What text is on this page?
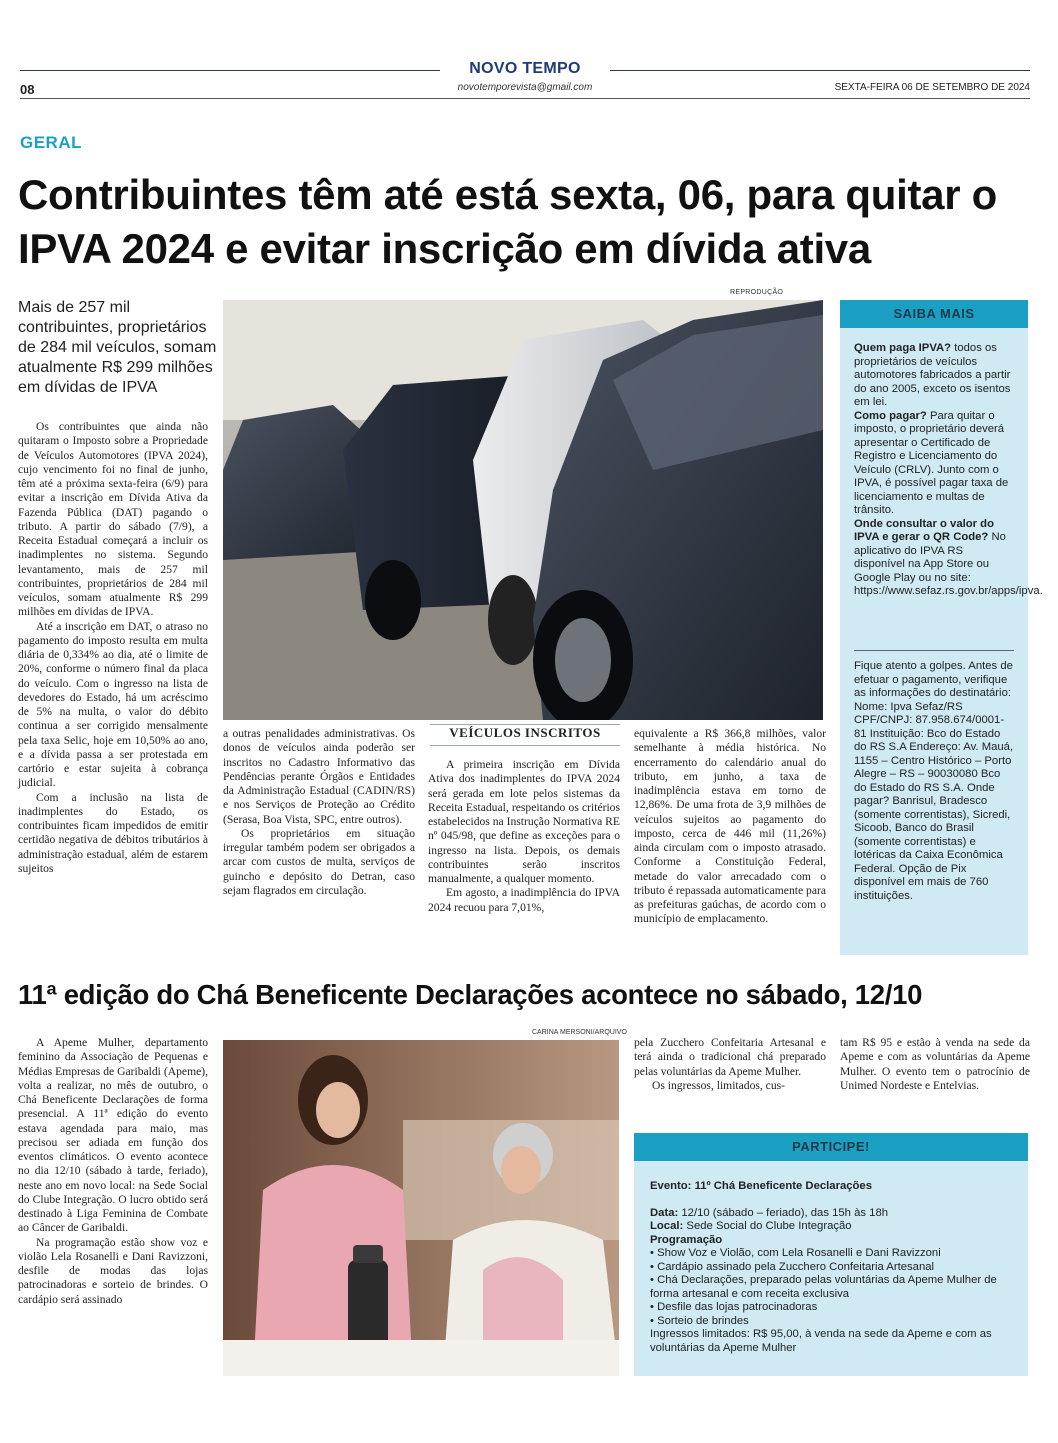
NOVO TEMPO
novotemporevista@gmail.com
08	SEXTA-FEIRA 06 DE SETEMBRO DE 2024
GERAL
Contribuintes têm até está sexta, 06, para quitar o IPVA 2024 e evitar inscrição em dívida ativa
Mais de 257 mil contribuintes, proprietários de 284 mil veículos, somam atualmente R$ 299 milhões em dívidas de IPVA

Os contribuintes que ainda não quitaram o Imposto sobre a Propriedade de Veículos Automotores (IPVA 2024), cujo vencimento foi no final de junho, têm até a próxima sexta-feira (6/9) para evitar a inscrição em Dívida Ativa da Fazenda Pública (DAT) pagando o tributo. A partir do sábado (7/9), a Receita Estadual começará a incluir os inadimplentes no sistema. Segundo levantamento, mais de 257 mil contribuintes, proprietários de 284 mil veículos, somam atualmente R$ 299 milhões em dívidas de IPVA.

Até a inscrição em DAT, o atraso no pagamento do imposto resulta em multa diária de 0,334% ao dia, até o limite de 20%, conforme o número final da placa do veículo. Com o ingresso na lista de devedores do Estado, há um acréscimo de 5% na multa, o valor do débito continua a ser corrigido mensalmente pela taxa Selic, hoje em 10,50% ao ano, e a dívida passa a ser protestada em cartório e estar sujeita à cobrança judicial.

Com a inclusão na lista de inadimplentes do Estado, os contribuintes ficam impedidos de emitir certidão negativa de débitos tributários à administração estadual, além de estarem sujeitos

REPRODUÇÃO

a outras penalidades administrativas. Os donos de veículos ainda poderão ser inscritos no Cadastro Informativo das Pendências perante Órgãos e Entidades da Administração Estadual (CADIN/RS) e nos Serviços de Proteção ao Crédito (Serasa, Boa Vista, SPC, entre outros).

Os proprietários em situação irregular também podem ser obrigados a arcar com custos de multa, serviços de guincho e depósito do Detran, caso sejam flagrados em circulação.

VEÍCULOS INSCRITOS

A primeira inscrição em Dívida Ativa dos inadimplentes do IPVA 2024 será gerada em lote pelos sistemas da Receita Estadual, respeitando os critérios estabelecidos na Instrução Normativa RE nº 045/98, que define as exceções para o ingresso na lista. Depois, os demais contribuintes serão inscritos manualmente, a qualquer momento.

Em agosto, a inadimplência do IPVA 2024 recuou para 7,01%,

equivalente a R$ 366,8 milhões, valor semelhante à média histórica. No encerramento do calendário anual do tributo, em junho, a taxa de inadimplência estava em torno de 12,86%. De uma frota de 3,9 milhões de veículos sujeitos ao pagamento do imposto, cerca de 446 mil (11,26%) ainda circulam com o imposto atrasado. Conforme a Constituição Federal, metade do valor arrecadado com o tributo é repassada automaticamente para as prefeituras gaúchas, de acordo com o município de emplacamento.

SAIBA MAIS
Quem paga IPVA? todos os proprietários de veículos automotores fabricados a partir do ano 2005, exceto os isentos em lei.
Como pagar? Para quitar o imposto, o proprietário deverá apresentar o Certificado de Registro e Licenciamento do Veículo (CRLV). Junto com o IPVA, é possível pagar taxa de licenciamento e multas de trânsito.
Onde consultar o valor do IPVA e gerar o QR Code? No aplicativo do IPVA RS disponível na App Store ou Google Play ou no site: https://www.sefaz.rs.gov.br/apps/ipva.
Fique atento a golpes. Antes de efetuar o pagamento, verifique as informações do destinatário: Nome: Ipva Sefaz/RS CPF/CNPJ: 87.958.674/0001-81 Instituição: Bco do Estado do RS S.A Endereço: Av. Mauá, 1155 – Centro Histórico – Porto Alegre – RS – 90030080 Bco do Estado do RS S.A. Onde pagar? Banrisul, Bradesco (somente correntistas), Sicredi, Sicoob, Banco do Brasil (somente correntistas) e lotéricas da Caixa Econômica Federal. Opção de Pix disponível em mais de 760 instituições.
11ª edição do Chá Beneficente Declarações acontece no sábado, 12/10

A Apeme Mulher, departamento feminino da Associação de Pequenas e Médias Empresas de Garibaldi (Apeme), volta a realizar, no mês de outubro, o Chá Beneficente Declarações de forma presencial. A 11ª edição do evento estava agendada para maio, mas precisou ser adiada em função dos eventos climáticos. O evento acontece no dia 12/10 (sábado à tarde, feriado), neste ano em novo local: na Sede Social do Clube Integração. O lucro obtido será destinado à Liga Feminina de Combate ao Câncer de Garibaldi.

Na programação estão show voz e violão Lela Rosanelli e Dani Ravizzoni, desfile de modas das lojas patrocinadoras e sorteio de brindes. O cardápio será assinado

CARINA MERSONI/ARQUIVO

pela Zucchero Confeitaria Artesanal e terá ainda o tradicional chá preparado pelas voluntárias da Apeme Mulher.

Os ingressos, limitados, cus-

tam R$ 95 e estão à venda na sede da Apeme e com as voluntárias da Apeme Mulher. O evento tem o patrocínio de Unimed Nordeste e Entelvias.

PARTICIPE!
Evento: 11º Chá Beneficente Declarações
Data: 12/10 (sábado – feriado), das 15h às 18h
Local: Sede Social do Clube Integração
Programação
• Show Voz e Violão, com Lela Rosanelli e Dani Ravizzoni
• Cardápio assinado pela Zucchero Confeitaria Artesanal
• Chá Declarações, preparado pelas voluntárias da Apeme Mulher de forma artesanal e com receita exclusiva
• Desfile das lojas patrocinadoras
• Sorteio de brindes
Ingressos limitados: R$ 95,00, à venda na sede da Apeme e com as voluntárias da Apeme Mulher
